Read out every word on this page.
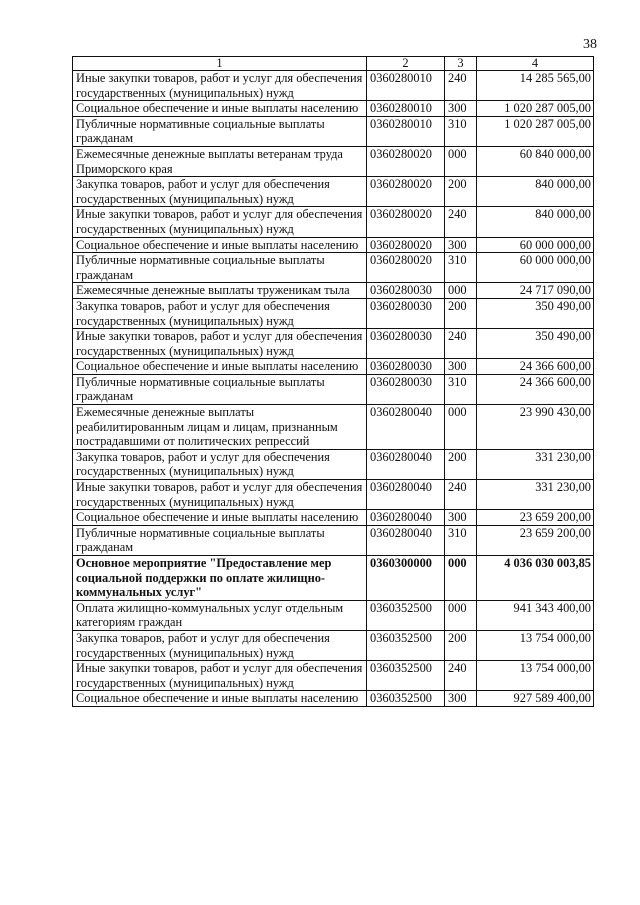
38
1	2	3	4
Иные закупки товаров, работ и услуг для обеспечения государственных (муниципальных) нужд	0360280010	240	14 285 565,00
Социальное обеспечение и иные выплаты населению	0360280010	300	1 020 287 005,00
Публичные нормативные социальные выплаты гражданам	0360280010	310	1 020 287 005,00
Ежемесячные денежные выплаты ветеранам труда Приморского края	0360280020	000	60 840 000,00
Закупка товаров, работ и услуг для обеспечения государственных (муниципальных) нужд	0360280020	200	840 000,00
Иные закупки товаров, работ и услуг для обеспечения государственных (муниципальных) нужд	0360280020	240	840 000,00
Социальное обеспечение и иные выплаты населению	0360280020	300	60 000 000,00
Публичные нормативные социальные выплаты гражданам	0360280020	310	60 000 000,00
Ежемесячные денежные выплаты труженикам тыла	0360280030	000	24 717 090,00
Закупка товаров, работ и услуг для обеспечения государственных (муниципальных) нужд	0360280030	200	350 490,00
Иные закупки товаров, работ и услуг для обеспечения государственных (муниципальных) нужд	0360280030	240	350 490,00
Социальное обеспечение и иные выплаты населению	0360280030	300	24 366 600,00
Публичные нормативные социальные выплаты гражданам	0360280030	310	24 366 600,00
Ежемесячные денежные выплаты реабилитированным лицам и лицам, признанным пострадавшими от политических репрессий	0360280040	000	23 990 430,00
Закупка товаров, работ и услуг для обеспечения государственных (муниципальных) нужд	0360280040	200	331 230,00
Иные закупки товаров, работ и услуг для обеспечения государственных (муниципальных) нужд	0360280040	240	331 230,00
Социальное обеспечение и иные выплаты населению	0360280040	300	23 659 200,00
Публичные нормативные социальные выплаты гражданам	0360280040	310	23 659 200,00
Основное мероприятие "Предоставление мер социальной поддержки по оплате жилищно-коммунальных услуг"	0360300000	000	4 036 030 003,85
Оплата жилищно-коммунальных услуг отдельным категориям граждан	0360352500	000	941 343 400,00
Закупка товаров, работ и услуг для обеспечения государственных (муниципальных) нужд	0360352500	200	13 754 000,00
Иные закупки товаров, работ и услуг для обеспечения государственных (муниципальных) нужд	0360352500	240	13 754 000,00
Социальное обеспечение и иные выплаты населению	0360352500	300	927 589 400,00
